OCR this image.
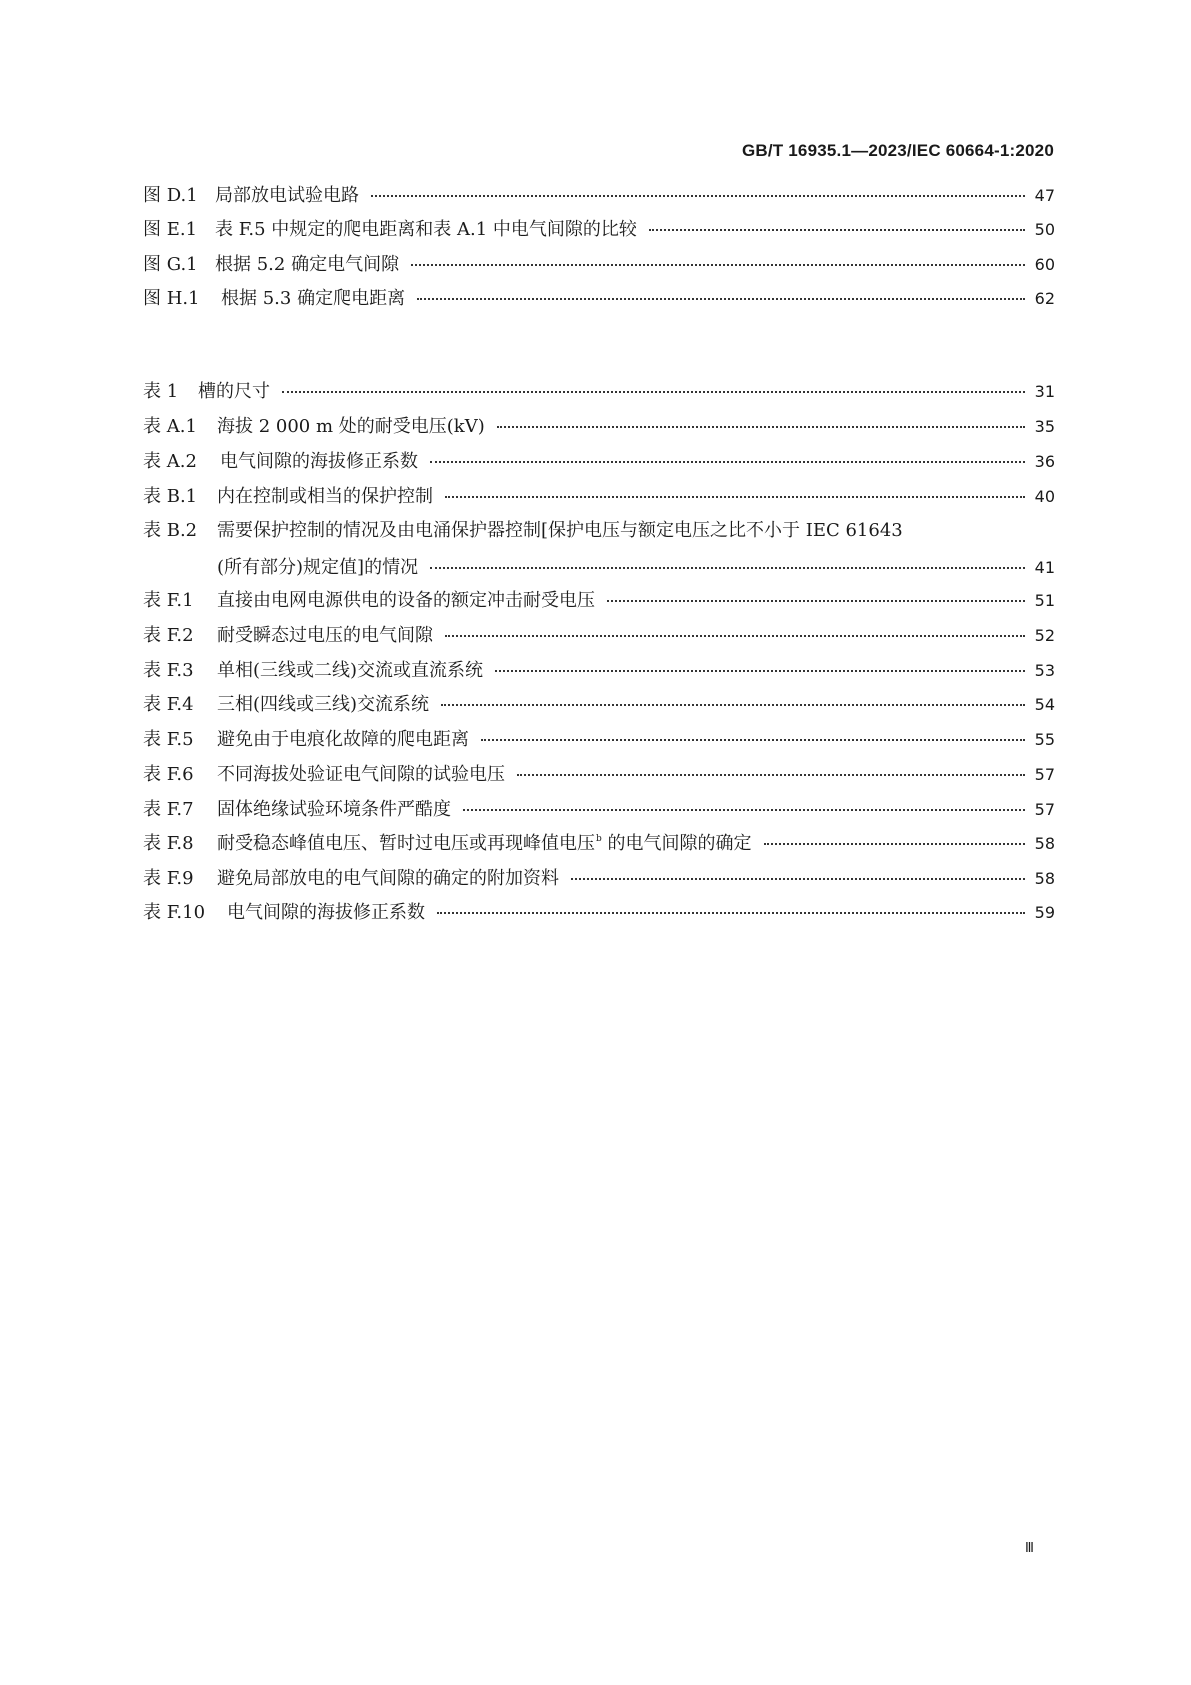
GB/T 16935.1—2023/IEC 60664-1:2020
图 D.1 局部放电试验电路	47
图 E.1 表 F.5 中规定的爬电距离和表 A.1 中电气间隙的比较	50
图 G.1 根据 5.2 确定电气间隙	60
图 H.1	根据 5.3 确定爬电距离	62
表 1	槽的尺寸	31
表 A.1	海拔 2 000 m 处的耐受电压(kV)	35
表 A.2	电气间隙的海拔修正系数	36
表 B.1	内在控制或相当的保护控制	40
表 B.2 需要保护控制的情况及由电涌保护器控制[保护电压与额定电压之比不小于 IEC 61643
(所有部分)规定值]的情况	41
表 F.1	直接由电网电源供电的设备的额定冲击耐受电压	51
表 F.2	耐受瞬态过电压的电气间隙	52
表 F.3	单相(三线或二线)交流或直流系统	53
表 F.4	三相(四线或三线)交流系统	54
表 F.5	避免由于电痕化故障的爬电距离	55
表 F.6	不同海拔处验证电气间隙的试验电压	57
表 F.7	固体绝缘试验环境条件严酷度	57
表 F.8	耐受稳态峰值电压、暂时过电压或再现峰值电压$^b$ 的电气间隙的确定	58
表 F.9	避免局部放电的电气间隙的确定的附加资料	58
表 F.10	电气间隙的海拔修正系数	59
Ⅲ
